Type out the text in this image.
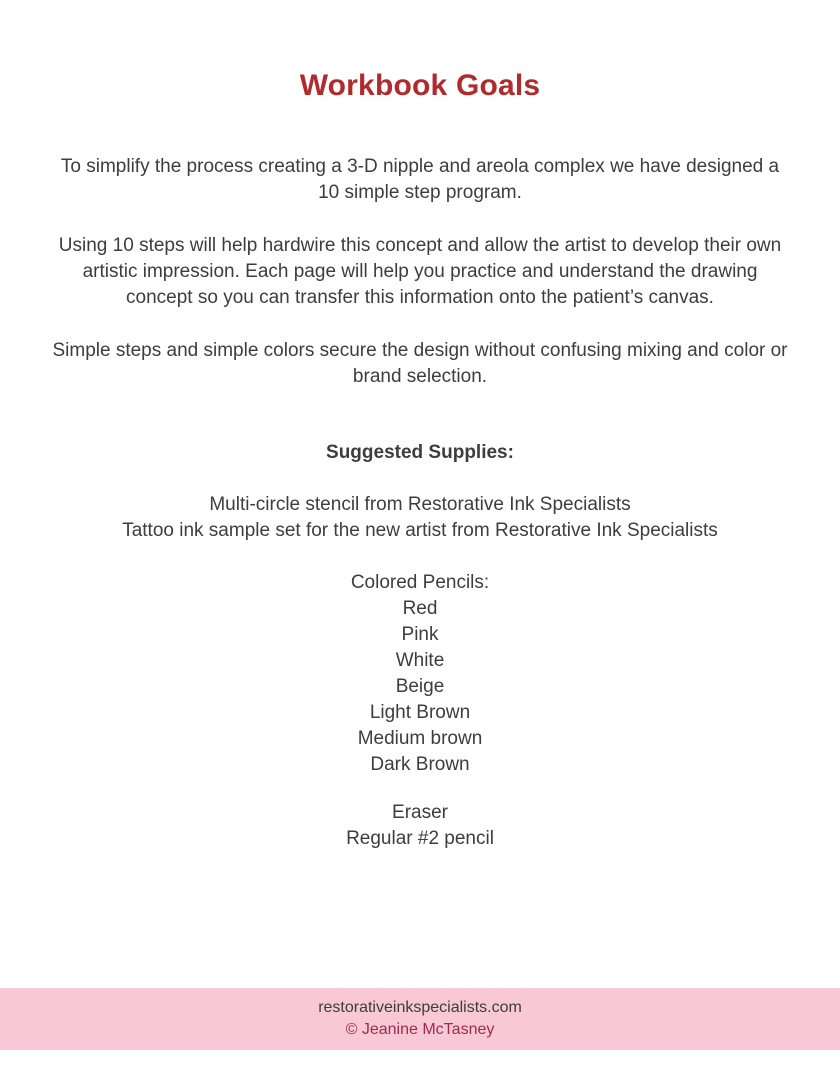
Workbook Goals

To simplify the process creating a 3-D nipple and areola complex we have designed a 10 simple step program.

Using 10 steps will help hardwire this concept and allow the artist to develop their own artistic impression. Each page will help you practice and understand the drawing concept so you can transfer this information onto the patient’s canvas.

Simple steps and simple colors secure the design without confusing mixing and color or brand selection.

Suggested Supplies:

Multi-circle stencil from Restorative Ink Specialists

Tattoo ink sample set for the new artist from Restorative Ink Specialists

Colored Pencils:

Red

Pink

White

Beige

Light Brown

Medium brown

Dark Brown

Eraser

Regular #2 pencil

restorativeinkspecialists.com

© Jeanine McTasney
